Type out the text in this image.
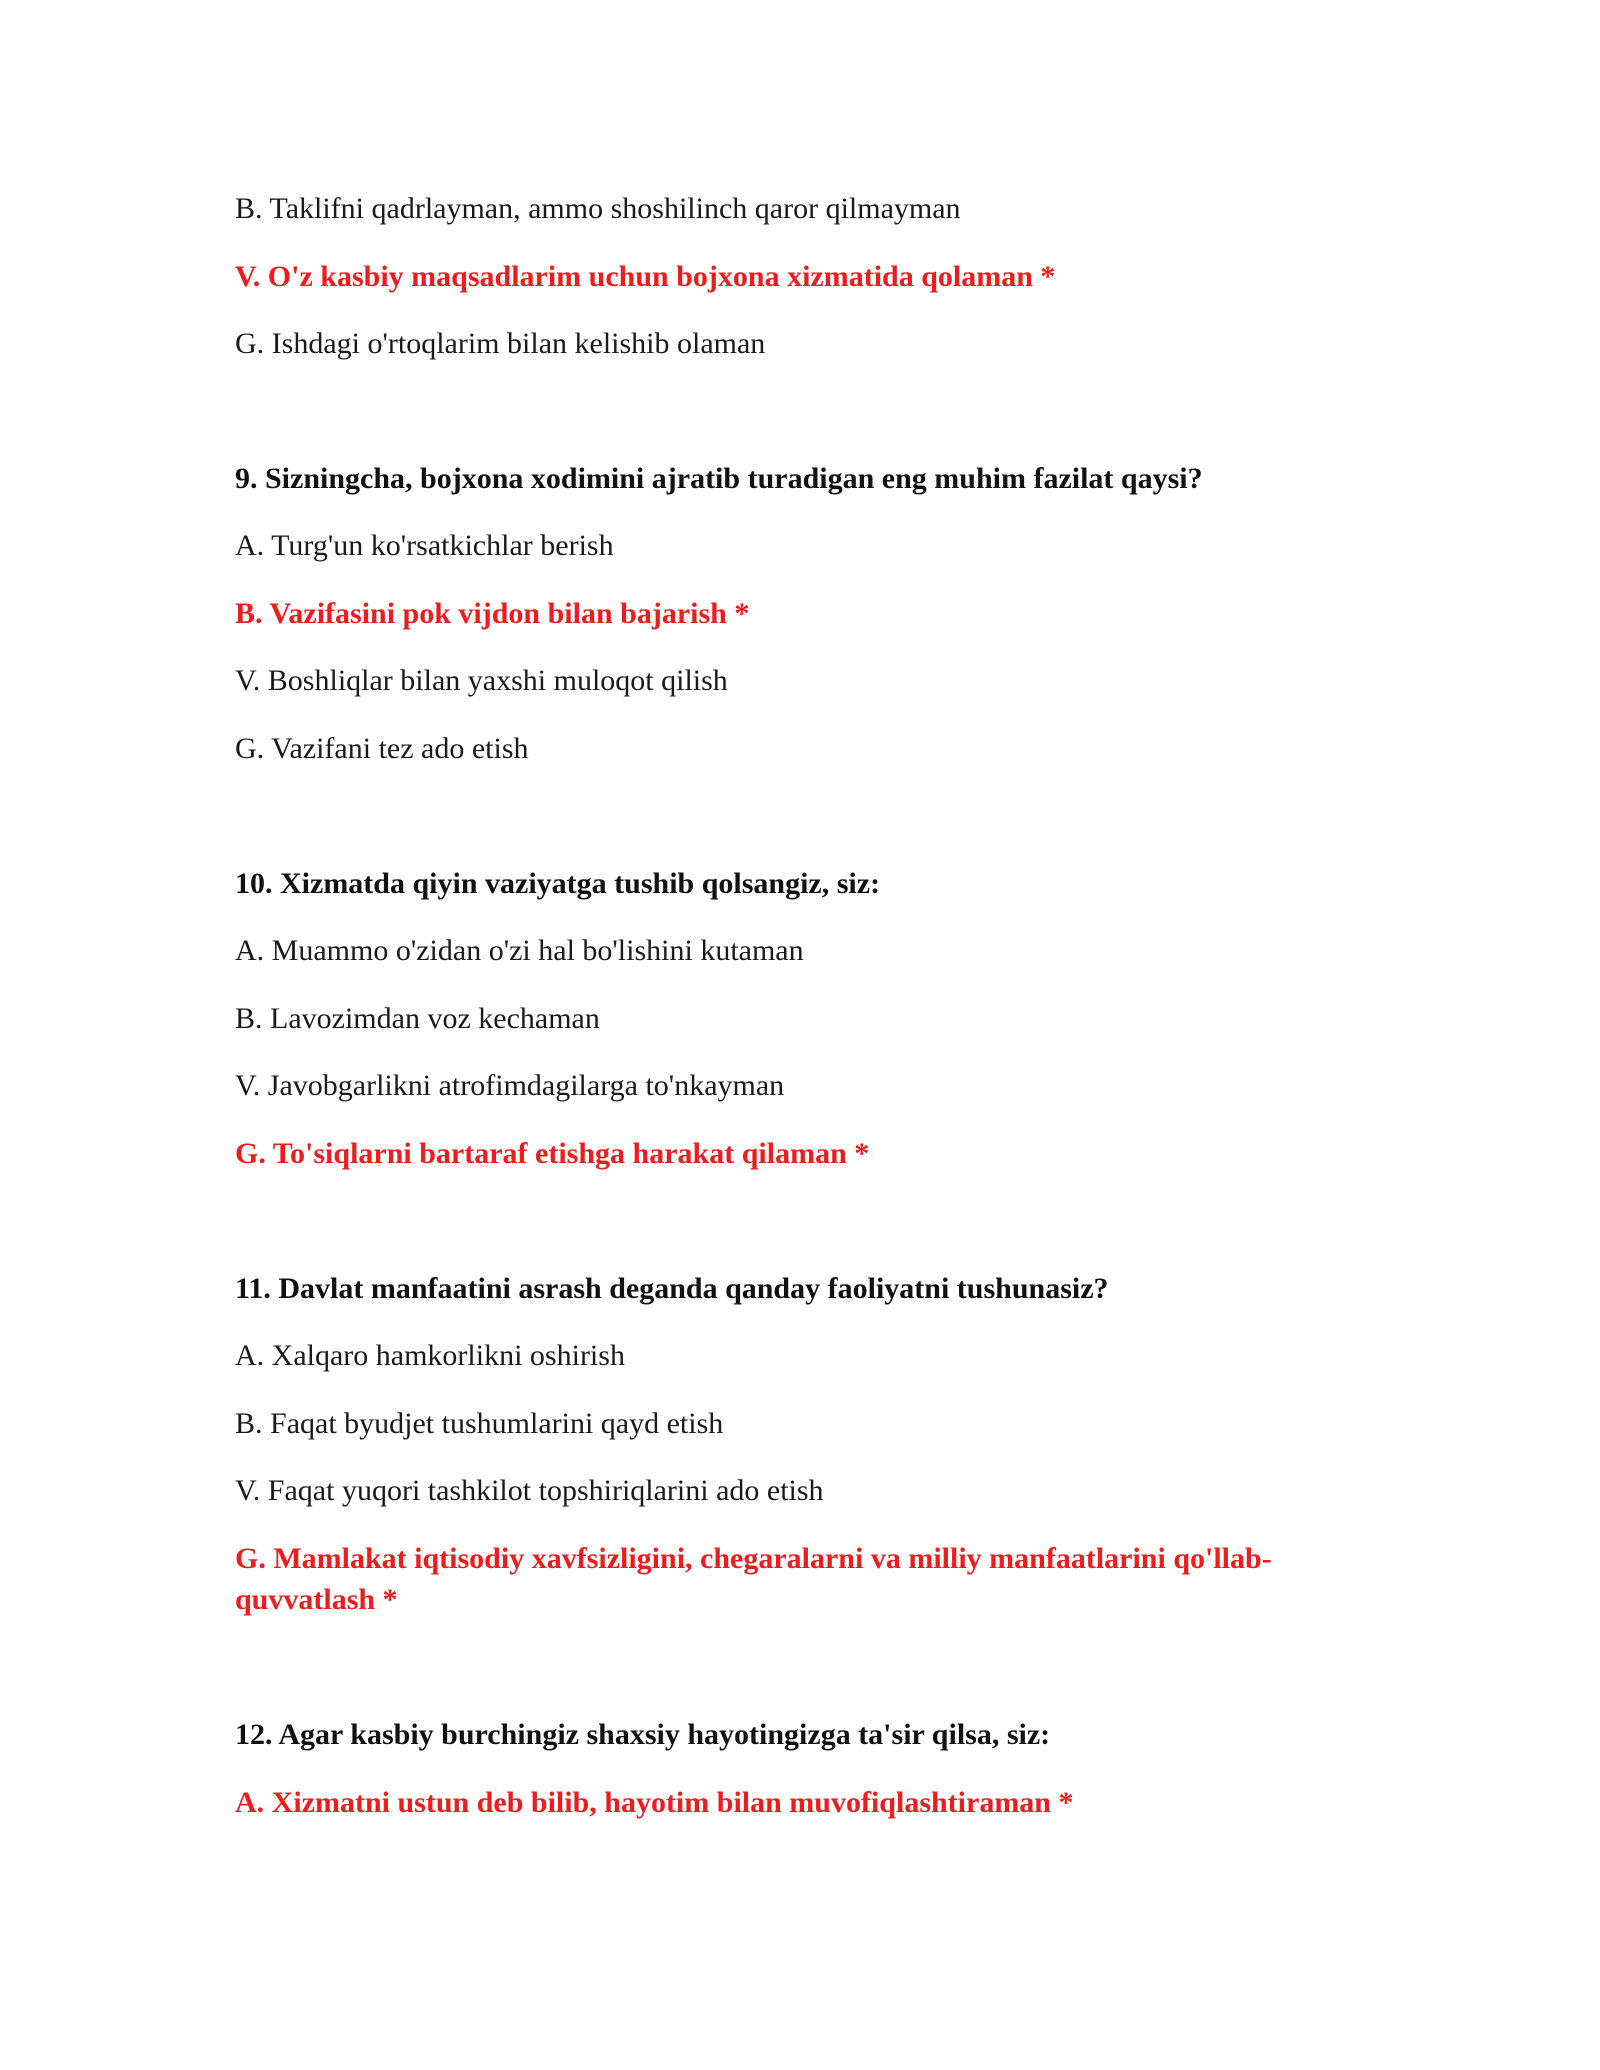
B. Taklifni qadrlayman, ammo shoshilinch qaror qilmayman
V. O'z kasbiy maqsadlarim uchun bojxona xizmatida qolaman *
G. Ishdagi o'rtoqlarim bilan kelishib olaman
9. Sizningcha, bojxona xodimini ajratib turadigan eng muhim fazilat qaysi?
A. Turg'un ko'rsatkichlar berish
B. Vazifasini pok vijdon bilan bajarish *
V. Boshliqlar bilan yaxshi muloqot qilish
G. Vazifani tez ado etish
10. Xizmatda qiyin vaziyatga tushib qolsangiz, siz:
A. Muammo o'zidan o'zi hal bo'lishini kutaman
B. Lavozimdan voz kechaman
V. Javobgarlikni atrofimdagilarga to'nkayman
G. To'siqlarni bartaraf etishga harakat qilaman *
11. Davlat manfaatini asrash deganda qanday faoliyatni tushunasiz?
A. Xalqaro hamkorlikni oshirish
B. Faqat byudjet tushumlarini qayd etish
V. Faqat yuqori tashkilot topshiriqlarini ado etish
G. Mamlakat iqtisodiy xavfsizligini, chegaralarni va milliy manfaatlarini qo'llab-quvvatlash *
12. Agar kasbiy burchingiz shaxsiy hayotingizga ta'sir qilsa, siz:
A. Xizmatni ustun deb bilib, hayotim bilan muvofiqlashtiraman *
